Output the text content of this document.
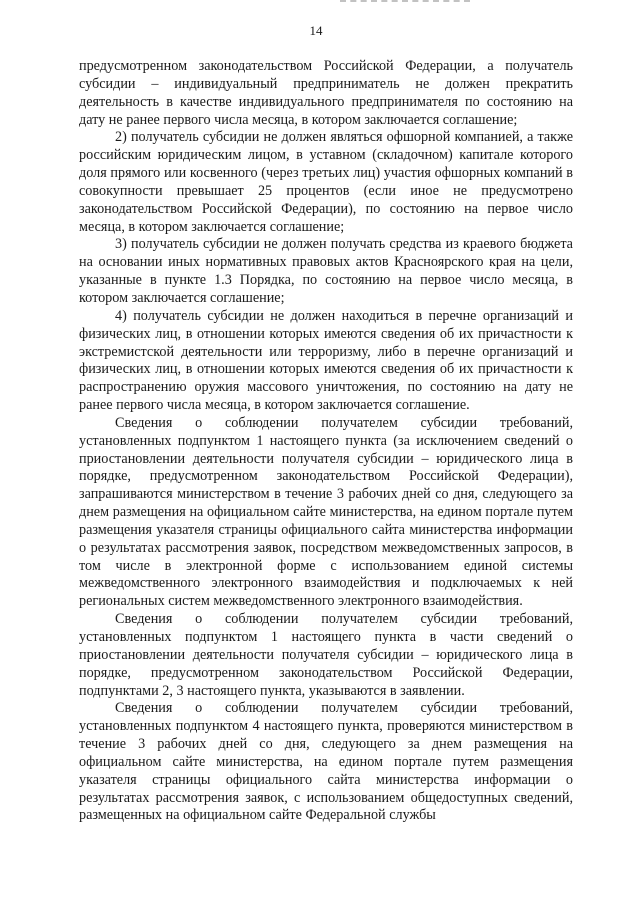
14

предусмотренном законодательством Российской Федерации, а получатель субсидии – индивидуальный предприниматель не должен прекратить деятельность в качестве индивидуального предпринимателя по состоянию на дату не ранее первого числа месяца, в котором заключается соглашение;

2) получатель субсидии не должен являться офшорной компанией, а также российским юридическим лицом, в уставном (складочном) капитале которого доля прямого или косвенного (через третьих лиц) участия офшорных компаний в совокупности превышает 25 процентов (если иное не предусмотрено законодательством Российской Федерации), по состоянию на первое число месяца, в котором заключается соглашение;

3) получатель субсидии не должен получать средства из краевого бюджета на основании иных нормативных правовых актов Красноярского края на цели, указанные в пункте 1.3 Порядка, по состоянию на первое число месяца, в котором заключается соглашение;

4) получатель субсидии не должен находиться в перечне организаций и физических лиц, в отношении которых имеются сведения об их причастности к экстремистской деятельности или терроризму, либо в перечне организаций и физических лиц, в отношении которых имеются сведения об их причастности к распространению оружия массового уничтожения, по состоянию на дату не ранее первого числа месяца, в котором заключается соглашение.

Сведения о соблюдении получателем субсидии требований, установленных подпунктом 1 настоящего пункта (за исключением сведений о приостановлении деятельности получателя субсидии – юридического лица в порядке, предусмотренном законодательством Российской Федерации), запрашиваются министерством в течение 3 рабочих дней со дня, следующего за днем размещения на официальном сайте министерства, на едином портале путем размещения указателя страницы официального сайта министерства информации о результатах рассмотрения заявок, посредством межведомственных запросов, в том числе в электронной форме с использованием единой системы межведомственного электронного взаимодействия и подключаемых к ней региональных систем межведомственного электронного взаимодействия.

Сведения о соблюдении получателем субсидии требований, установленных подпунктом 1 настоящего пункта в части сведений о приостановлении деятельности получателя субсидии – юридического лица в порядке, предусмотренном законодательством Российской Федерации, подпунктами 2, 3 настоящего пункта, указываются в заявлении.

Сведения о соблюдении получателем субсидии требований, установленных подпунктом 4 настоящего пункта, проверяются министерством в течение 3 рабочих дней со дня, следующего за днем размещения на официальном сайте министерства, на едином портале путем размещения указателя страницы официального сайта министерства информации о результатах рассмотрения заявок, с использованием общедоступных сведений, размещенных на официальном сайте Федеральной службы
